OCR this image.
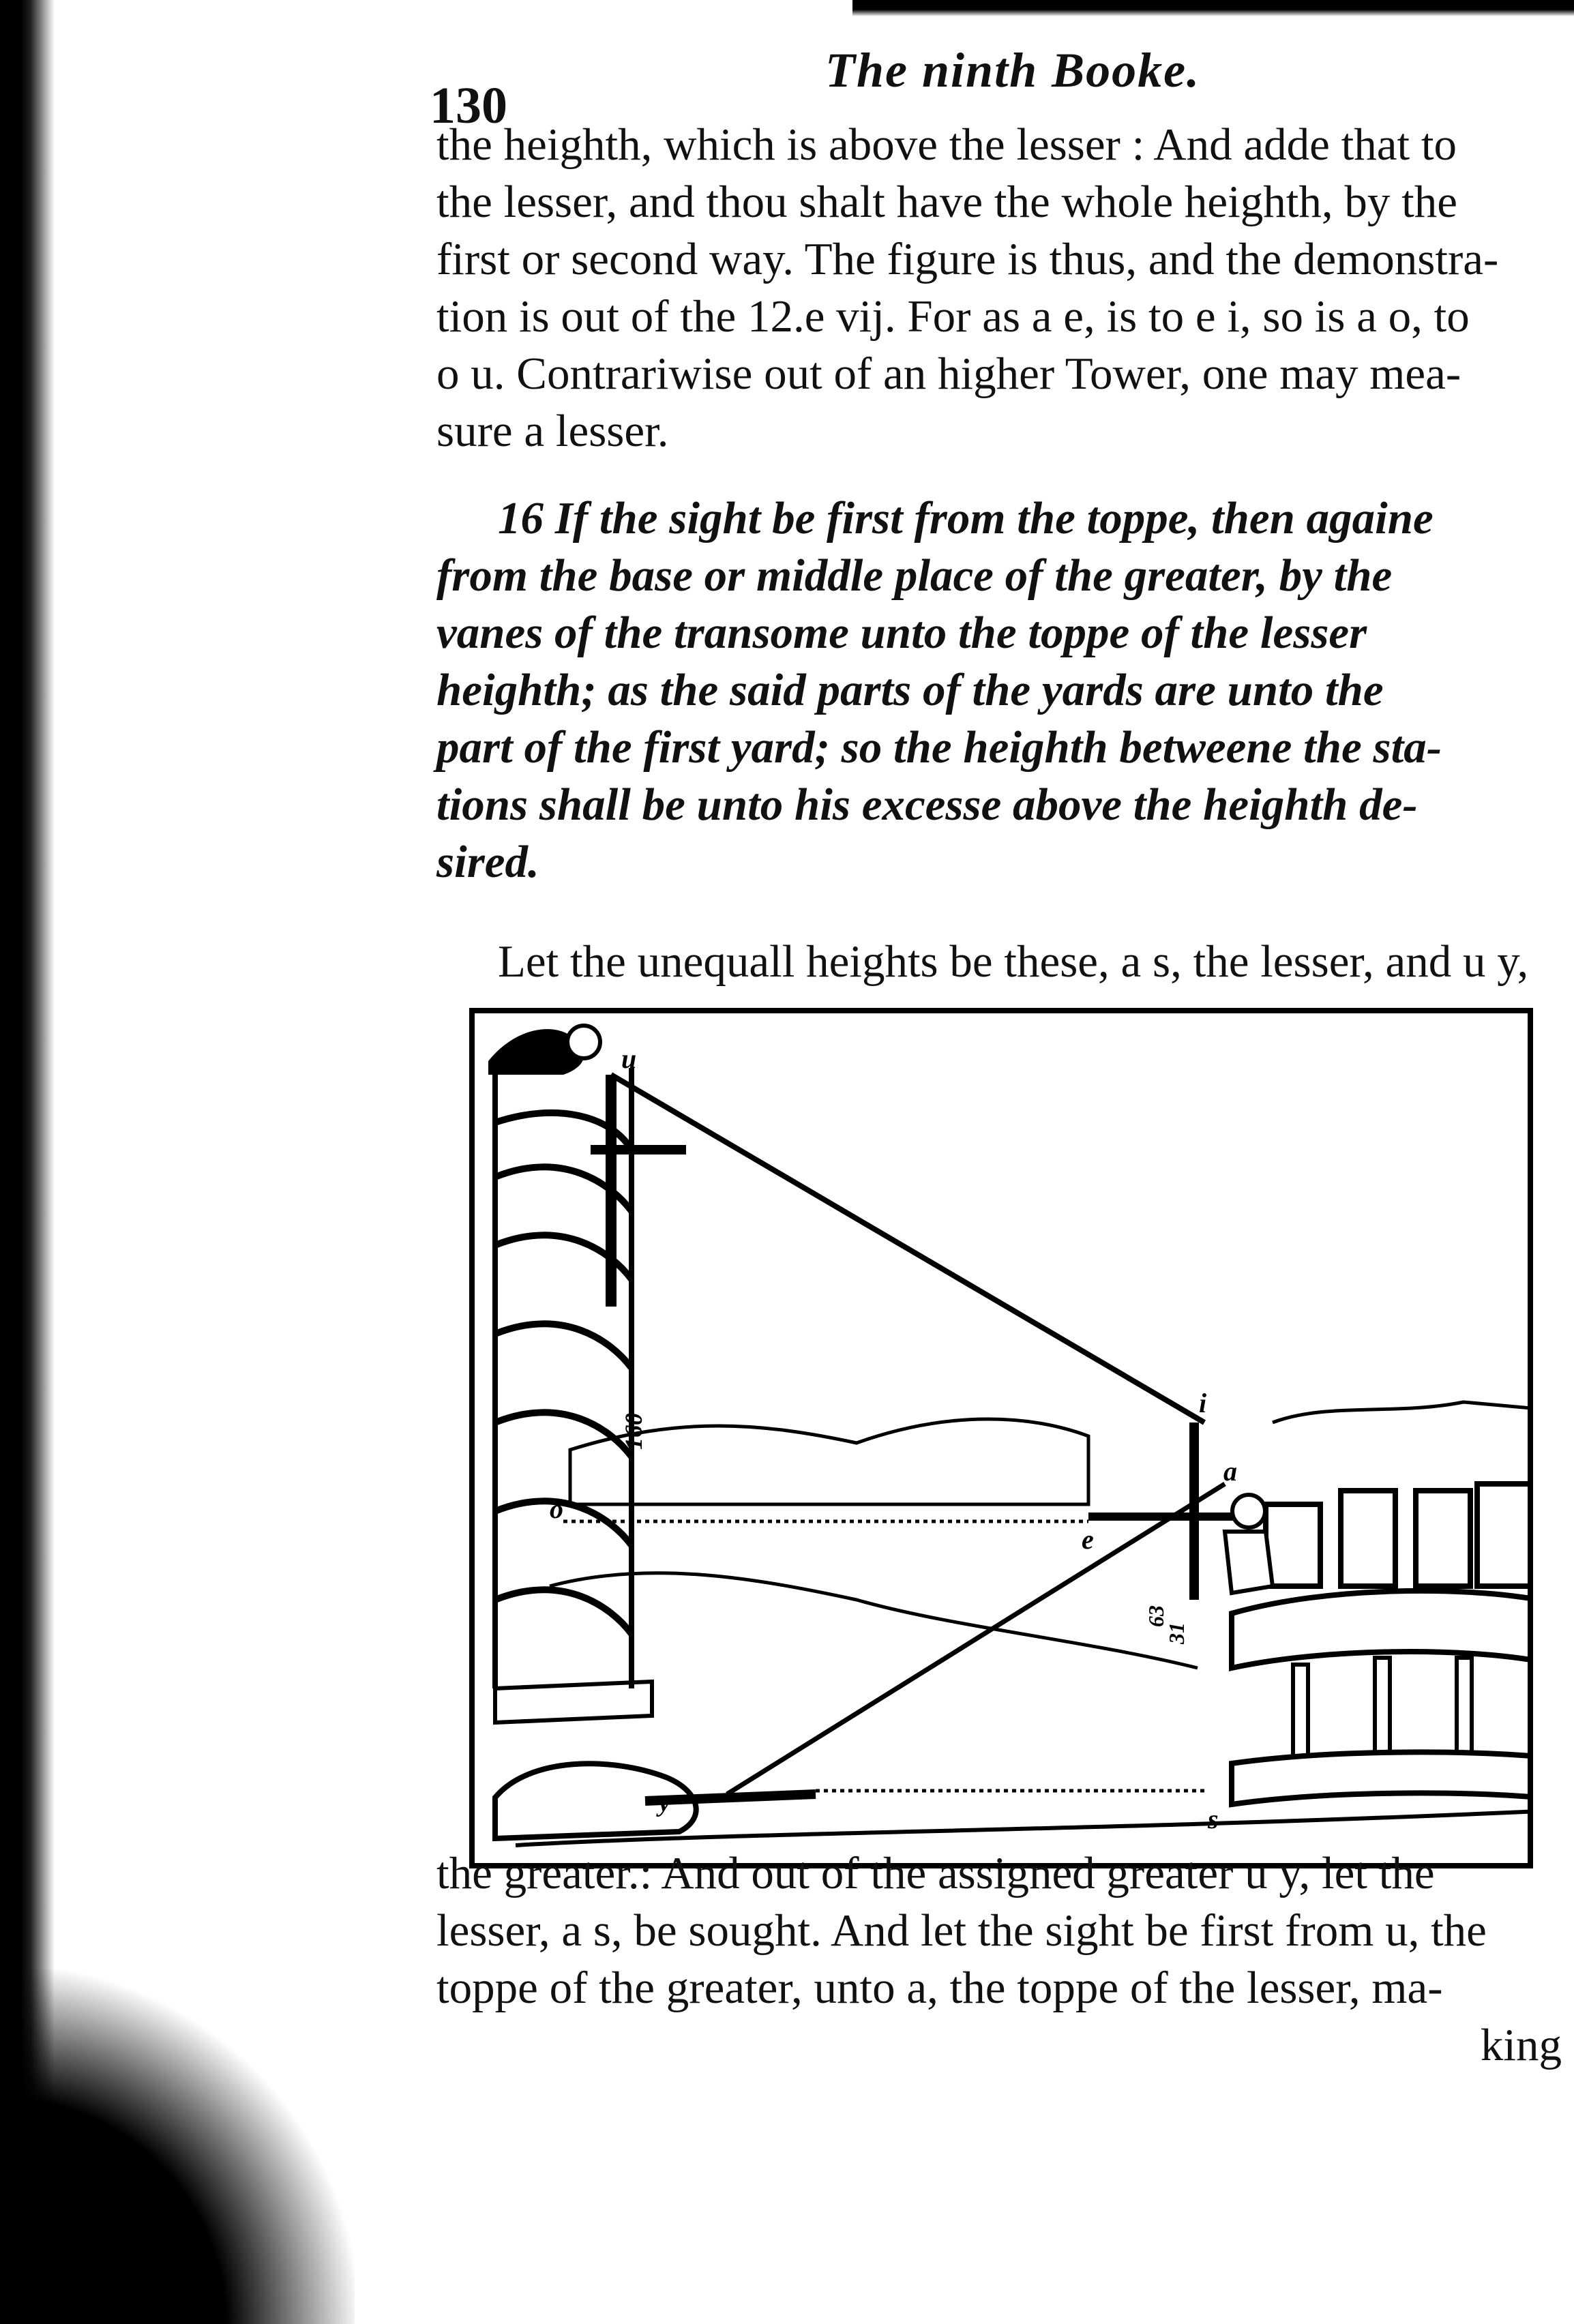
130
The ninth Booke.
the heighth, which is above the lesser : And adde that to
the lesser, and thou shalt have the whole heighth, by the
first or second way. The figure is thus, and the demonstra-
tion is out of the 12.e vij. For as a e, is to e i, so is a o, to
o u. Contrariwise out of an higher Tower, one may mea-
sure a lesser.
16 If the sight be first from the toppe, then againe
from the base or middle place of the greater, by the
vanes of the transome unto the toppe of the lesser
heighth; as the said parts of the yards are unto the
part of the first yard; so the heighth betweene the sta-
tions shall be unto his excesse above the heighth de-
sired.
Let the unequall heights be these, a s, the lesser, and u y,
u
i
a
o
e
s
y
160
63
31
the greater.: And out of the assigned greater u y, let the
lesser, a s, be sought. And let the sight be first from u, the
toppe of the greater, unto a, the toppe of the lesser, ma-
king
